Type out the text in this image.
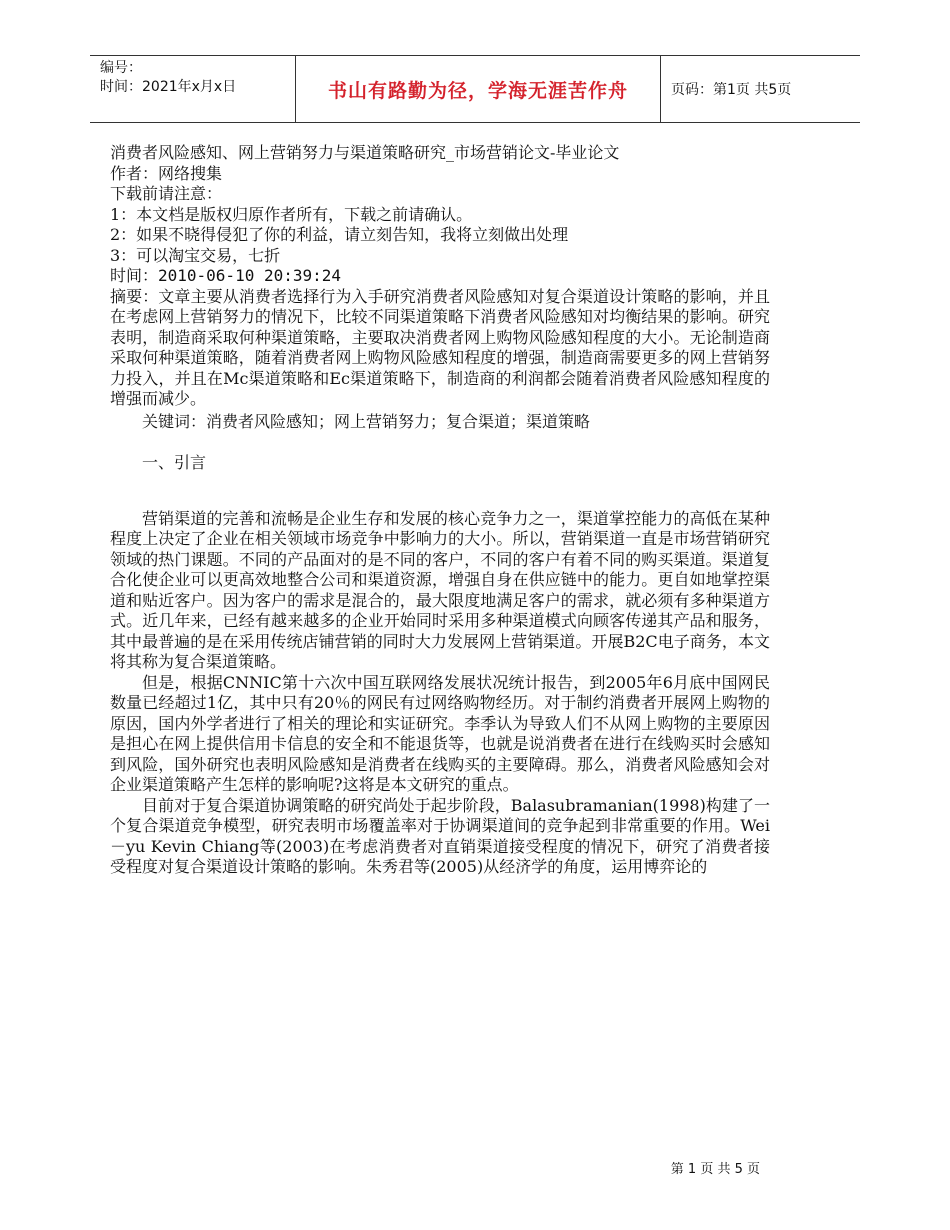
编号：
时间：2021年x月x日	书山有路勤为径，学海无涯苦作舟	页码：第1页 共5页
消费者风险感知、网上营销努力与渠道策略研究_市场营销论文-毕业论文
作者：网络搜集
下载前请注意：
1：本文档是版权归原作者所有，下载之前请确认。
2：如果不晓得侵犯了你的利益，请立刻告知，我将立刻做出处理
3：可以淘宝交易，七折
时间：2010-06-10 20:39:24

摘要：文章主要从消费者选择行为入手研究消费者风险感知对复合渠道设计策略的影响，并且在考虑网上营销努力的情况下，比较不同渠道策略下消费者风险感知对均衡结果的影响。研究表明，制造商采取何种渠道策略，主要取决消费者网上购物风险感知程度的大小。无论制造商采取何种渠道策略，随着消费者网上购物风险感知程度的增强，制造商需要更多的网上营销努力投入，并且在Mc渠道策略和Ec渠道策略下，制造商的利润都会随着消费者风险感知程度的增强而减少。

关键词：消费者风险感知；网上营销努力；复合渠道；渠道策略

一、引言

营销渠道的完善和流畅是企业生存和发展的核心竞争力之一，渠道掌控能力的高低在某种程度上决定了企业在相关领域市场竞争中影响力的大小。所以，营销渠道一直是市场营销研究领域的热门课题。不同的产品面对的是不同的客户，不同的客户有着不同的购买渠道。渠道复合化使企业可以更高效地整合公司和渠道资源，增强自身在供应链中的能力。更自如地掌控渠道和贴近客户。因为客户的需求是混合的，最大限度地满足客户的需求，就必须有多种渠道方式。近几年来，已经有越来越多的企业开始同时采用多种渠道模式向顾客传递其产品和服务，其中最普遍的是在采用传统店铺营销的同时大力发展网上营销渠道。开展B2C电子商务，本文将其称为复合渠道策略。

但是，根据CNNIC第十六次中国互联网络发展状况统计报告，到2005年6月底中国网民数量已经超过1亿，其中只有20％的网民有过网络购物经历。对于制约消费者开展网上购物的原因，国内外学者进行了相关的理论和实证研究。李季认为导致人们不从网上购物的主要原因是担心在网上提供信用卡信息的安全和不能退货等，也就是说消费者在进行在线购买时会感知到风险，国外研究也表明风险感知是消费者在线购买的主要障碍。那么，消费者风险感知会对企业渠道策略产生怎样的影响呢?这将是本文研究的重点。

目前对于复合渠道协调策略的研究尚处于起步阶段，Balasubramanian(1998)构建了一个复合渠道竞争模型，研究表明市场覆盖率对于协调渠道间的竞争起到非常重要的作用。Wei－yu Kevin Chiang等(2003)在考虑消费者对直销渠道接受程度的情况下，研究了消费者接受程度对复合渠道设计策略的影响。朱秀君等(2005)从经济学的角度，运用博弈论的

第 1 页 共 5 页
